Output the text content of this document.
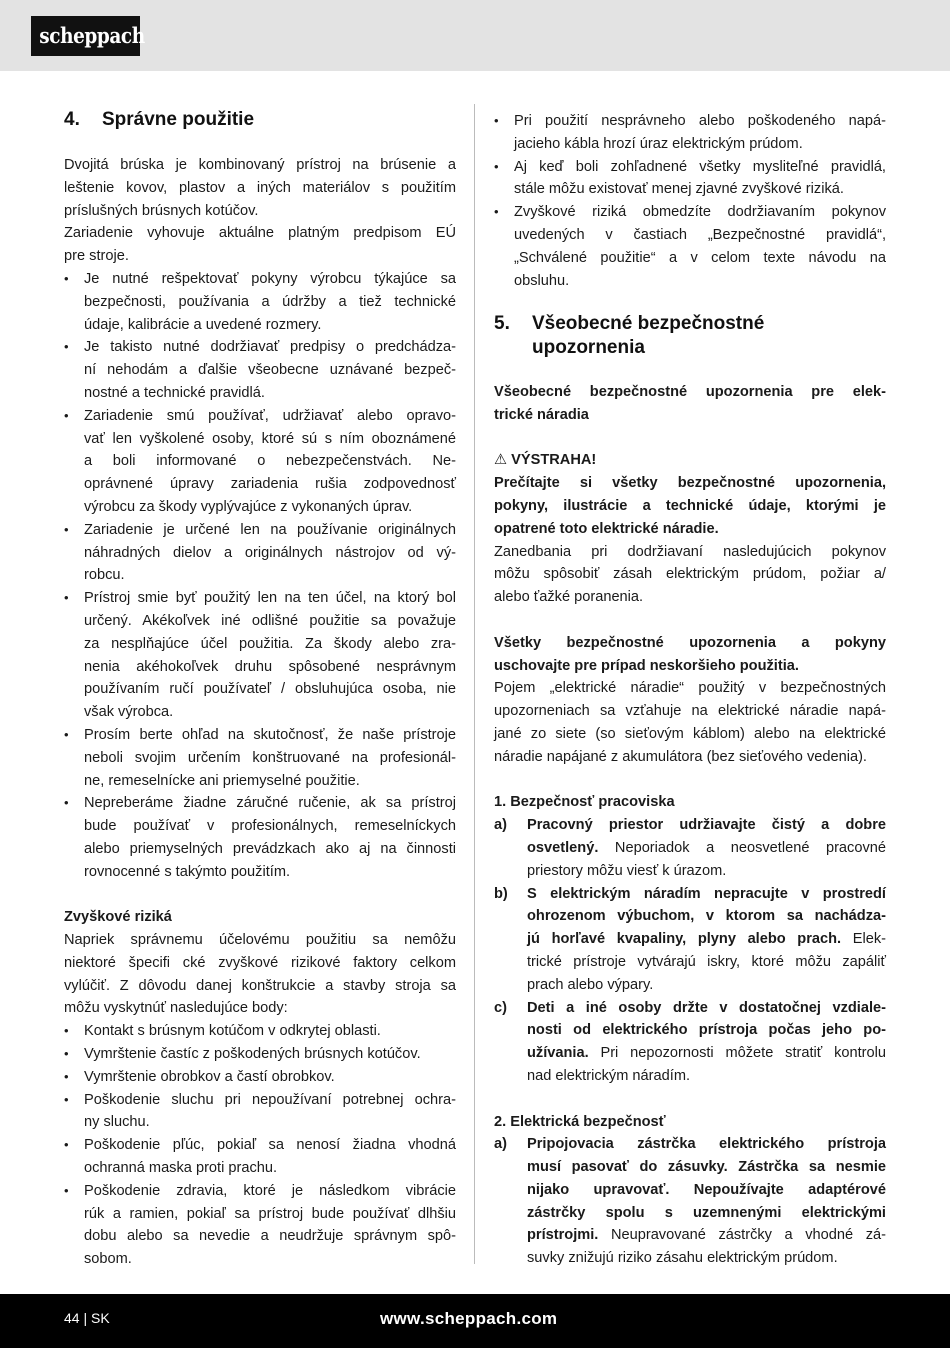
scheppach
4. Správne použitie
Dvojitá brúska je kombinovaný prístroj na brúsenie a
leštenie kovov, plastov a iných materiálov s použitím
príslušných brúsnych kotúčov.
Zariadenie vyhovuje aktuálne platným predpisom EÚ
pre stroje.
Je nutné rešpektovať pokyny výrobcu týkajúce sa
•
bezpečnosti, používania a údržby a tiež technické
údaje, kalibrácie a uvedené rozmery.
Je takisto nutné dodržiavať predpisy o predchádza-
•
ní nehodám a ďalšie všeobecne uznávané bezpeč-
nostné a technické pravidlá.
Zariadenie smú používať, udržiavať alebo opravo-
•
vať len vyškolené osoby, ktoré sú s ním oboznámené
a boli informované o nebezpečenstvách. Ne-
oprávnené úpravy zariadenia rušia zodpovednosť
výrobcu za škody vyplývajúce z vykonaných úprav.
Zariadenie je určené len na používanie originálnych
•
náhradných dielov a originálnych nástrojov od vý-
robcu.
Prístroj smie byť použitý len na ten účel, na ktorý bol
•
určený. Akékoľvek iné odlišné použitie sa považuje
za nesplňajúce účel použitia. Za škody alebo zra-
nenia akéhokoľvek druhu spôsobené nesprávnym
používaním ručí používateľ / obsluhujúca osoba, nie
však výrobca.
Prosím berte ohľad na skutočnosť, že naše prístroje
•
neboli svojim určením konštruované na profesionál-
ne, remeselnícke ani priemyselné použitie.
Nepreberáme žiadne záručné ručenie, ak sa prístroj
•
bude používať v profesionálnych, remeselníckych
alebo priemyselných prevádzkach ako aj na činnosti
rovnocenné s takýmto použitím.
Zvyškové riziká
Napriek správnemu účelovému použitiu sa nemôžu
niektoré špecifi cké zvyškové rizikové faktory celkom
vylúčiť. Z dôvodu danej konštrukcie a stavby stroja sa
môžu vyskytnúť nasledujúce body:
Kontakt s brúsnym kotúčom v odkrytej oblasti.
•
Vymrštenie častíc z poškodených brúsnych kotúčov.
•
Vymrštenie obrobkov a častí obrobkov.
•
Poškodenie sluchu pri nepoužívaní potrebnej ochra-
•
ny sluchu.
Poškodenie pľúc, pokiaľ sa nenosí žiadna vhodná
•
ochranná maska proti prachu.
Poškodenie zdravia, ktoré je následkom vibrácie
•
rúk a ramien, pokiaľ sa prístroj bude používať dlhšiu
dobu alebo sa nevedie a neudržuje správnym spô-
sobom.
Pri použití nesprávneho alebo poškodeného napá-
•
jacieho kábla hrozí úraz elektrickým prúdom.
Aj keď boli zohľadnené všetky mysliteľné pravidlá,
•
stále môžu existovať menej zjavné zvyškové riziká.
Zvyškové riziká obmedzíte dodržiavaním pokynov
•
uvedených v častiach „Bezpečnostné pravidlá“,
„Schválené použitie“ a v celom texte návodu na
obsluhu.
5. Všeobecné bezpečnostné
upozornenia
Všeobecné bezpečnostné upozornenia pre elek-
trické náradia
⚠ VÝSTRAHA!
Prečítajte si všetky bezpečnostné upozornenia,
pokyny, ilustrácie a technické údaje, ktorými je
opatrené toto elektrické náradie.
Zanedbania pri dodržiavaní nasledujúcich pokynov
môžu spôsobiť zásah elektrickým prúdom, požiar a/
alebo ťažké poranenia.
Všetky bezpečnostné upozornenia a pokyny
uschovajte pre prípad neskoršieho použitia.
Pojem „elektrické náradie“ použitý v bezpečnostných
upozorneniach sa vzťahuje na elektrické náradie napá-
jané zo siete (so sieťovým káblom) alebo na elektrické
náradie napájané z akumulátora (bez sieťového vedenia).
1. Bezpečnosť pracoviska
Pracovný priestor udržiavajte čistý a dobre
a)
osvetlený. Neporiadok a neosvetlené pracovné
priestory môžu viesť k úrazom.
S elektrickým náradím nepracujte v prostredí
b)
ohrozenom výbuchom, v ktorom sa nachádza-
jú horľavé kvapaliny, plyny alebo prach. Elek-
trické prístroje vytvárajú iskry, ktoré môžu zapáliť
prach alebo výpary.
Deti a iné osoby držte v dostatočnej vzdiale-
c)
nosti od elektrického prístroja počas jeho po-
užívania. Pri nepozornosti môžete stratiť kontrolu
nad elektrickým náradím.
2. Elektrická bezpečnosť
Pripojovacia zástrčka elektrického prístroja
a)
musí pasovať do zásuvky. Zástrčka sa nesmie
nijako upravovať. Nepoužívajte adaptérové
zástrčky spolu s uzemnenými elektrickými
prístrojmi. Neupravované zástrčky a vhodné zá-
suvky znižujú riziko zásahu elektrickým prúdom.
44 | SK	www.scheppach.com
